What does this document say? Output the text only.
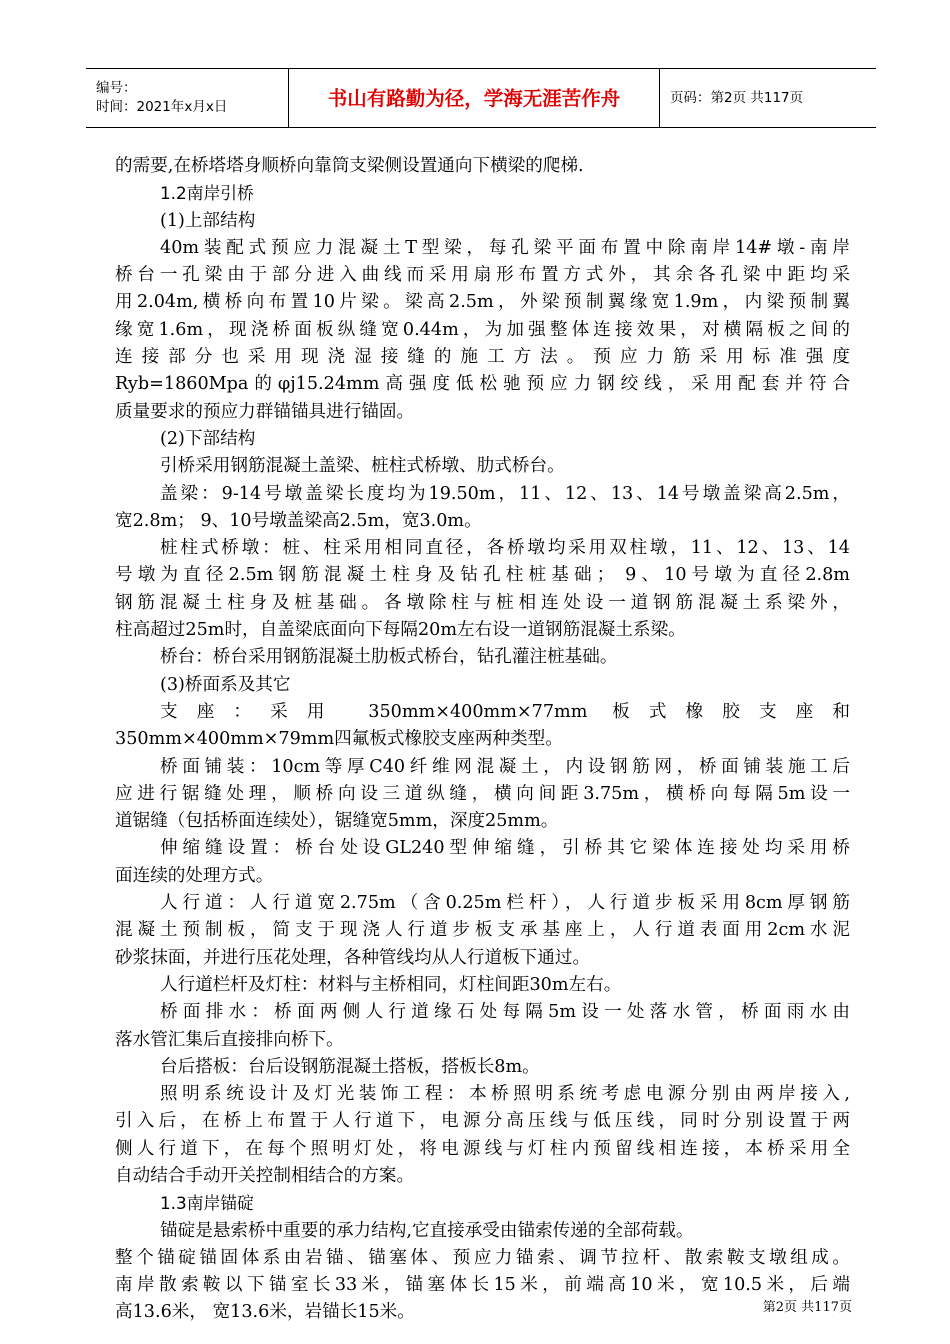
编号：
时间：2021年x月x日	书山有路勤为径，学海无涯苦作舟	页码：第2页 共117页
的需要,在桥塔塔身顺桥向靠筒支梁侧设置通向下横梁的爬梯.
1.2南岸引桥
(1)上部结构
40m装配式预应力混凝土T型梁，每孔梁平面布置中除南岸14#墩-南岸
桥台一孔梁由于部分进入曲线而采用扇形布置方式外，其余各孔梁中距均采
用2.04m,横桥向布置10片梁。梁高2.5m，外梁预制翼缘宽1.9m，内梁预制翼
缘宽1.6m，现浇桥面板纵缝宽0.44m，为加强整体连接效果，对横隔板之间的
连接部分也采用现浇湿接缝的施工方法。预应力筋采用标准强度
Ryb=1860Mpa的φj15.24mm高强度低松驰预应力钢绞线，采用配套并符合
质量要求的预应力群锚锚具进行锚固。
(2)下部结构
引桥采用钢筋混凝土盖梁、桩柱式桥墩、肋式桥台。
盖梁：9-14号墩盖梁长度均为19.50m，11、12、13、14号墩盖梁高2.5m，
宽2.8m； 9、10号墩盖梁高2.5m，宽3.0m。
桩柱式桥墩：桩、柱采用相同直径，各桥墩均采用双柱墩，11、12、13、14
号墩为直径2.5m钢筋混凝土柱身及钻孔柱桩基础； 9、10号墩为直径2.8m
钢筋混凝土柱身及桩基础。各墩除柱与桩相连处设一道钢筋混凝土系梁外，
柱高超过25m时，自盖梁底面向下每隔20m左右设一道钢筋混凝土系梁。
桥台：桥台采用钢筋混凝土肋板式桥台，钻孔灌注桩基础。
(3)桥面系及其它
支座：采用 350mm×400mm×77mm 板式橡胶支座和
350mm×400mm×79mm四氟板式橡胶支座两种类型。
桥面铺装：10cm等厚C40纤维网混凝土，内设钢筋网，桥面铺装施工后
应进行锯缝处理，顺桥向设三道纵缝，横向间距3.75m，横桥向每隔5m设一
道锯缝（包括桥面连续处），锯缝宽5mm，深度25mm。
伸缩缝设置：桥台处设GL240型伸缩缝，引桥其它梁体连接处均采用桥
面连续的处理方式。
人行道：人行道宽2.75m（含0.25m栏杆），人行道步板采用8cm厚钢筋
混凝土预制板，简支于现浇人行道步板支承基座上，人行道表面用2cm水泥
砂浆抹面，并进行压花处理，各种管线均从人行道板下通过。
人行道栏杆及灯柱：材料与主桥相同，灯柱间距30m左右。
桥面排水：桥面两侧人行道缘石处每隔5m设一处落水管，桥面雨水由
落水管汇集后直接排向桥下。
台后搭板：台后设钢筋混凝土搭板，搭板长8m。
照明系统设计及灯光装饰工程：本桥照明系统考虑电源分别由两岸接入,
引入后，在桥上布置于人行道下，电源分高压线与低压线，同时分别设置于两
侧人行道下，在每个照明灯处，将电源线与灯柱内预留线相连接，本桥采用全
自动结合手动开关控制相结合的方案。
1.3南岸锚碇
锚碇是悬索桥中重要的承力结构,它直接承受由锚索传递的全部荷载。
整个锚碇锚固体系由岩锚、锚塞体、预应力锚索、调节拉杆、散索鞍支墩组成。
南岸散索鞍以下锚室长33米，锚塞体长15米，前端高10米，宽10.5米，后端
高13.6米， 宽13.6米，岩锚长15米。	第2页 共117页
